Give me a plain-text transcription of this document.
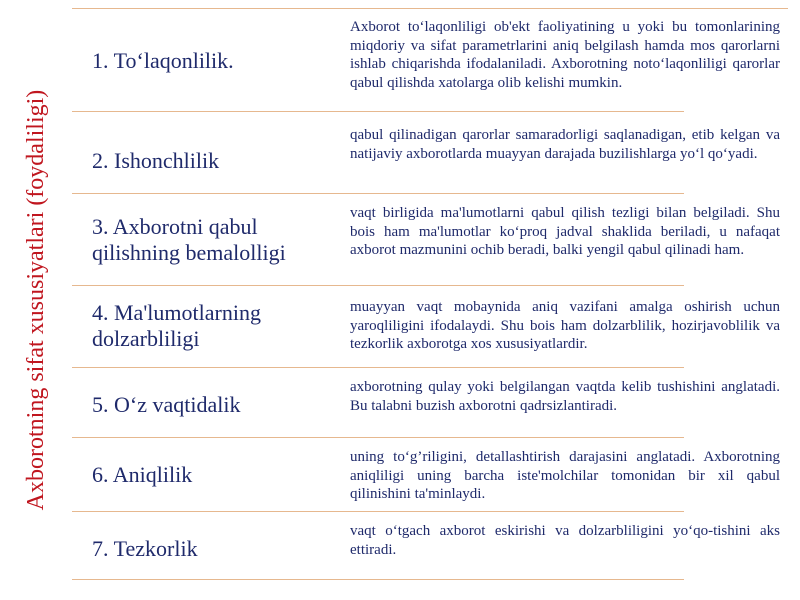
Axborotning sifat xususiyatlari (foydaliligi)
1. To‘laqonlilik.
Axborot to‘laqonliligi ob'ekt faoliyatining u yoki bu tomonlarining miqdoriy va sifat parametrlarini aniq belgilash hamda mos qarorlarni ishlab chiqarishda ifodalaniladi. Axborotning noto‘laqonliligi qarorlar qabul qilishda xatolarga olib kelishi mumkin.
2. Ishonchlilik
qabul qilinadigan qarorlar samaradorligi saqlanadigan, etib kelgan va natijaviy axborotlarda muayyan darajada buzilishlarga yo‘l qo‘yadi.
3. Axborotni qabul qilishning bemalolligi
vaqt birligida ma'lumotlarni qabul qilish tezligi bilan belgiladi. Shu bois ham ma'lumotlar ko‘proq jadval shaklida beriladi, u nafaqat axborot mazmunini ochib beradi, balki yengil qabul qilinadi ham.
4. Ma'lumotlarning dolzarbliligi
muayyan vaqt mobaynida aniq vazifani amalga oshirish uchun yaroqliligini ifodalaydi. Shu bois ham dolzarblilik, hozirjavoblilik va tezkorlik axborotga xos xususiyatlardir.
5. O‘z vaqtidalik
axborotning qulay yoki belgilangan vaqtda kelib tushishini anglatadi. Bu talabni buzish axborotni qadrsizlantiradi.
6. Aniqlilik
uning to‘g’riligini, detallashtirish darajasini anglatadi. Axborotning aniqliligi uning barcha iste'molchilar tomonidan bir xil qabul qilinishini ta'minlaydi.
7. Tezkorlik
vaqt o‘tgach axborot eskirishi va dolzarbliligini yo‘qo-tishini aks ettiradi.
